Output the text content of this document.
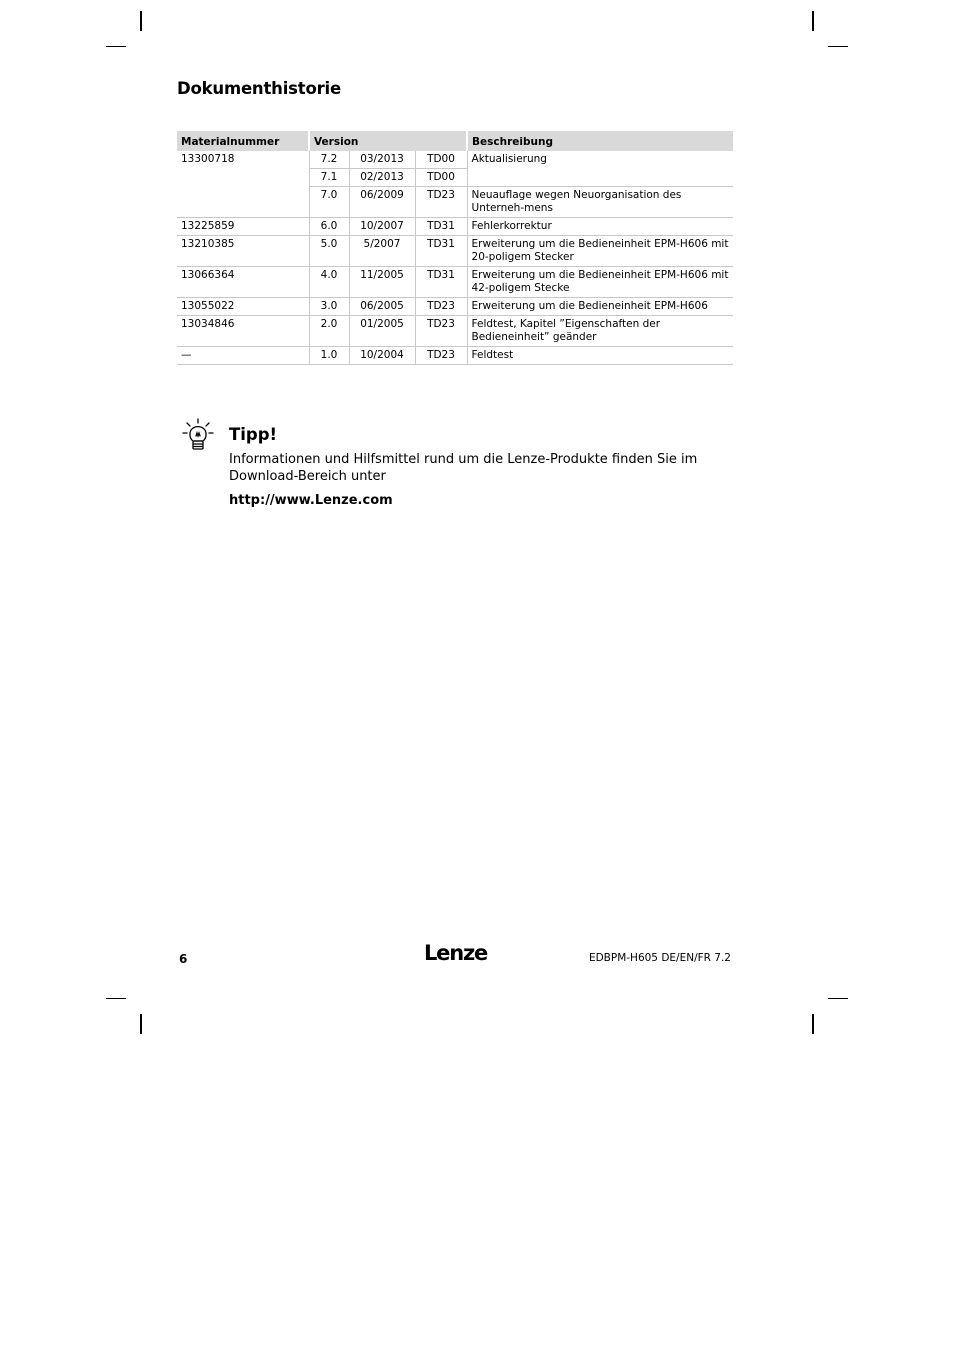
Dokumenthistorie
Materialnummer	Version			Beschreibung
13300718	7.2	03/2013	TD00	Aktualisierung
	7.1	02/2013	TD00	
	7.0	06/2009	TD23	Neuauflage wegen Neuorganisation des Unterneh-mens
13225859	6.0	10/2007	TD31	Fehlerkorrektur
13210385	5.0	5/2007	TD31	Erweiterung um die Bedieneinheit EPM-H606 mit 20-poligem Stecker
13066364	4.0	11/2005	TD31	Erweiterung um die Bedieneinheit EPM-H606 mit 42-poligem Stecke
13055022	3.0	06/2005	TD23	Erweiterung um die Bedieneinheit EPM-H606
13034846	2.0	01/2005	TD23	Feldtest, Kapitel ”Eigenschaften der Bedieneinheit” geänder
—	1.0	10/2004	TD23	Feldtest
Tipp!
Informationen und Hilfsmittel rund um die Lenze-Produkte finden Sie im Download-Bereich unter
http://www.Lenze.com
6	Lenze	EDBPM-H605 DE/EN/FR 7.2
